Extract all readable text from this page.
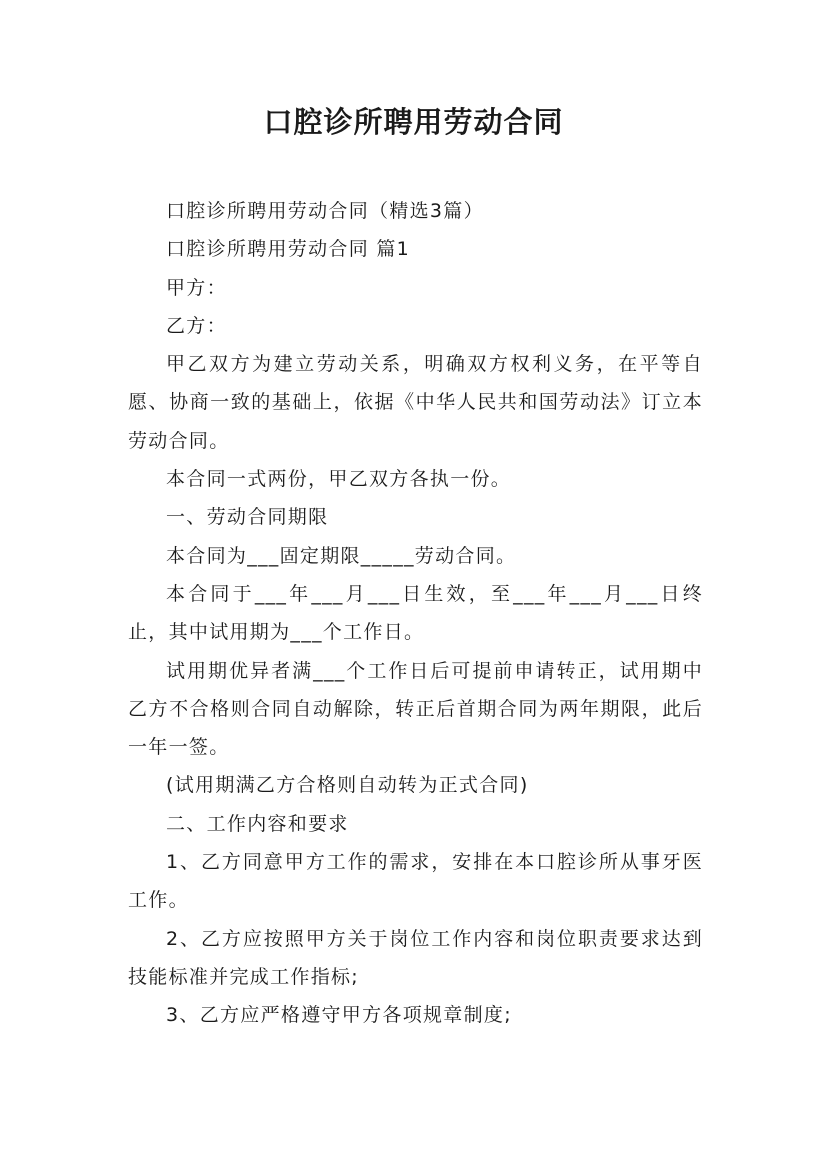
口腔诊所聘用劳动合同

口腔诊所聘用劳动合同（精选3篇）

口腔诊所聘用劳动合同 篇1

甲方：

乙方：

甲乙双方为建立劳动关系，明确双方权利义务，在平等自愿、协商一致的基础上，依据《中华人民共和国劳动法》订立本劳动合同。

本合同一式两份，甲乙双方各执一份。

一、劳动合同期限

本合同为___固定期限_____劳动合同。

本合同于___年___月___日生效，至___年___月___日终止，其中试用期为___个工作日。

试用期优异者满___个工作日后可提前申请转正，试用期中乙方不合格则合同自动解除，转正后首期合同为两年期限，此后一年一签。

(试用期满乙方合格则自动转为正式合同)

二、工作内容和要求

1、乙方同意甲方工作的需求，安排在本口腔诊所从事牙医工作。

2、乙方应按照甲方关于岗位工作内容和岗位职责要求达到技能标准并完成工作指标;

3、乙方应严格遵守甲方各项规章制度;
